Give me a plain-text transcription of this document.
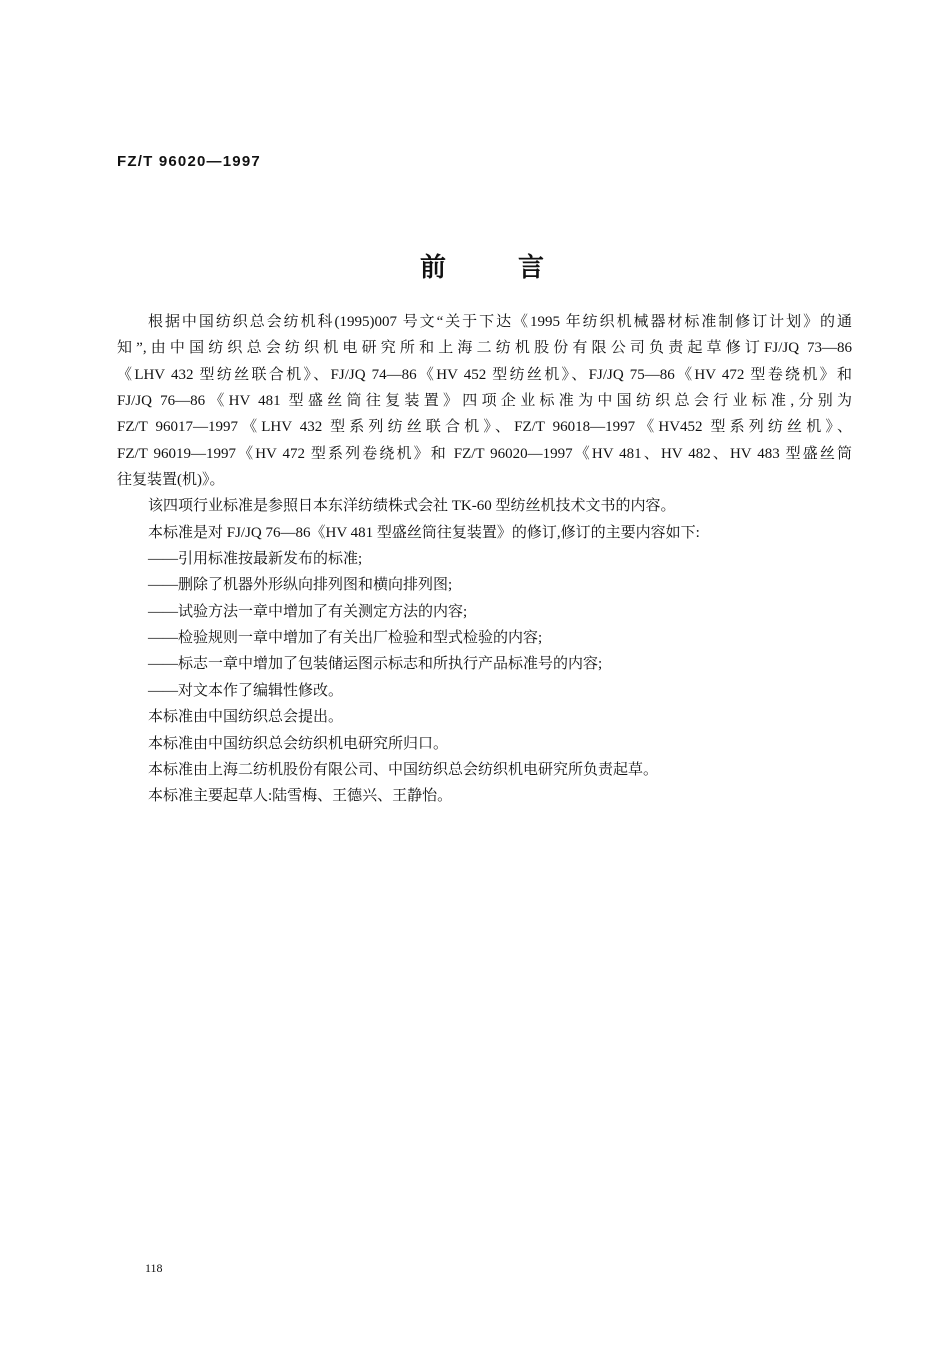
FZ/T 96020—1997
前	言
根据中国纺织总会纺机科(1995)007 号文“关于下达《1995 年纺织机械器材标准制修订计划》的通
知”,由中国纺织总会纺织机电研究所和上海二纺机股份有限公司负责起草修订FJ/JQ 73—86
《LHV 432 型纺丝联合机》、FJ/JQ 74—86《HV 452 型纺丝机》、FJ/JQ 75—86《HV 472 型卷绕机》和
FJ/JQ 76—86《HV 481 型盛丝筒往复装置》四项企业标准为中国纺织总会行业标准,分别为
FZ/T 96017—1997《LHV 432 型系列纺丝联合机》、FZ/T 96018—1997《HV452 型系列纺丝机》、
FZ/T 96019—1997《HV 472 型系列卷绕机》和 FZ/T 96020—1997《HV 481、HV 482、HV 483 型盛丝筒
往复装置(机)》。
该四项行业标准是参照日本东洋纺绩株式会社 TK-60 型纺丝机技术文书的内容。
本标准是对 FJ/JQ 76—86《HV 481 型盛丝筒往复装置》的修订,修订的主要内容如下:
——引用标准按最新发布的标准;
——删除了机器外形纵向排列图和横向排列图;
——试验方法一章中增加了有关测定方法的内容;
——检验规则一章中增加了有关出厂检验和型式检验的内容;
——标志一章中增加了包装储运图示标志和所执行产品标准号的内容;
——对文本作了编辑性修改。
本标准由中国纺织总会提出。
本标准由中国纺织总会纺织机电研究所归口。
本标准由上海二纺机股份有限公司、中国纺织总会纺织机电研究所负责起草。
本标准主要起草人:陆雪梅、王德兴、王静怡。
118
